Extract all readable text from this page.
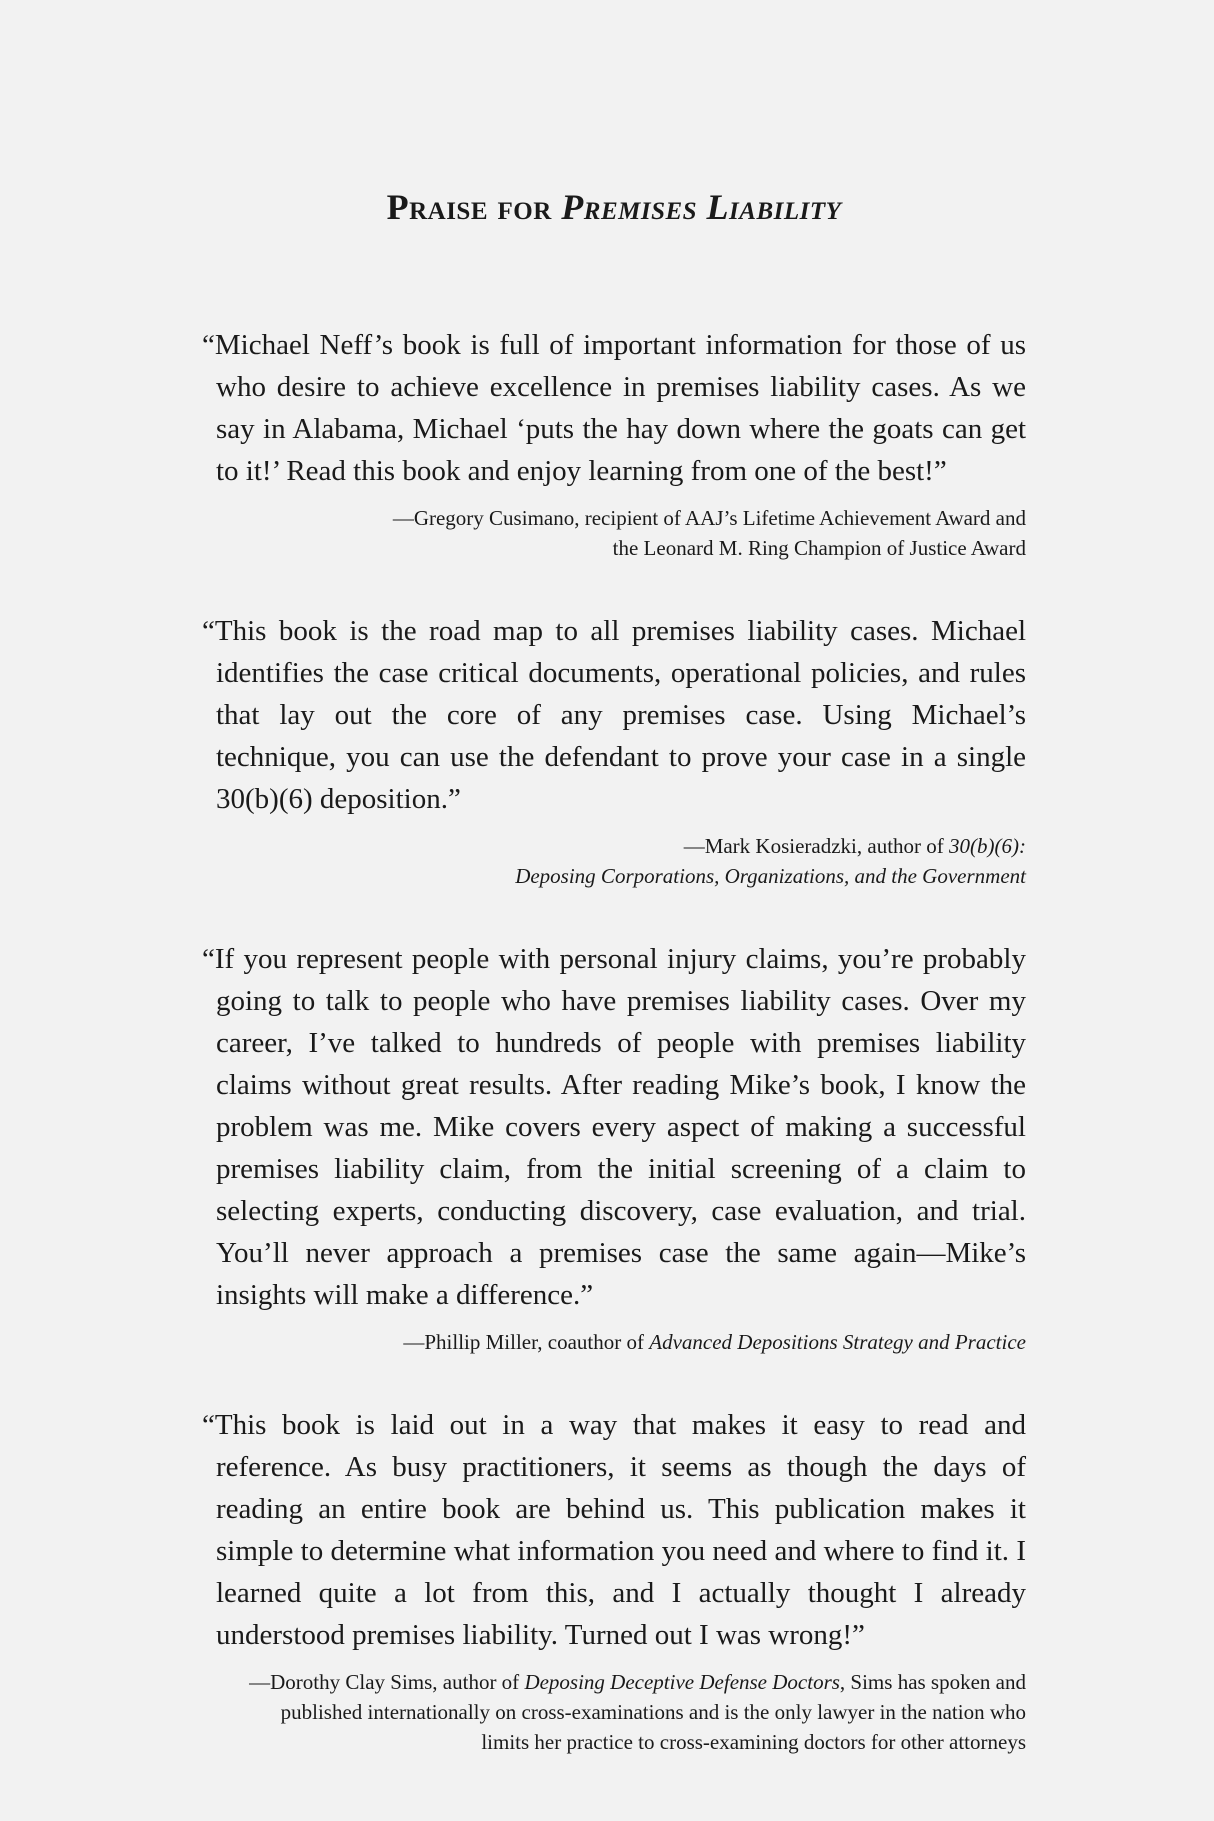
Praise for Premises Liability

“Michael Neff’s book is full of important information for those of us who desire to achieve excellence in premises liability cases. As we say in Alabama, Michael ‘puts the hay down where the goats can get to it!’ Read this book and enjoy learning from one of the best!”

—Gregory Cusimano, recipient of AAJ’s Lifetime Achievement Award and
the Leonard M. Ring Champion of Justice Award

“This book is the road map to all premises liability cases. Michael identifies the case critical documents, operational policies, and rules that lay out the core of any premises case. Using Michael’s technique, you can use the defendant to prove your case in a single 30(b)(6) deposition.”

—Mark Kosieradzki, author of 30(b)(6):
Deposing Corporations, Organizations, and the Government

“If you represent people with personal injury claims, you’re probably going to talk to people who have premises liability cases. Over my career, I’ve talked to hundreds of people with premises liability claims without great results. After reading Mike’s book, I know the problem was me. Mike covers every aspect of making a successful premises liability claim, from the initial screening of a claim to selecting experts, conducting discovery, case evaluation, and trial. You’ll never approach a premises case the same again—Mike’s insights will make a difference.”

—Phillip Miller, coauthor of Advanced Depositions Strategy and Practice

“This book is laid out in a way that makes it easy to read and reference. As busy practitioners, it seems as though the days of reading an entire book are behind us. This publication makes it simple to determine what information you need and where to find it. I learned quite a lot from this, and I actually thought I already understood premises liability. Turned out I was wrong!”

—Dorothy Clay Sims, author of Deposing Deceptive Defense Doctors, Sims has spoken and published internationally on cross-examinations and is the only lawyer in the nation who limits her practice to cross-examining doctors for other attorneys
